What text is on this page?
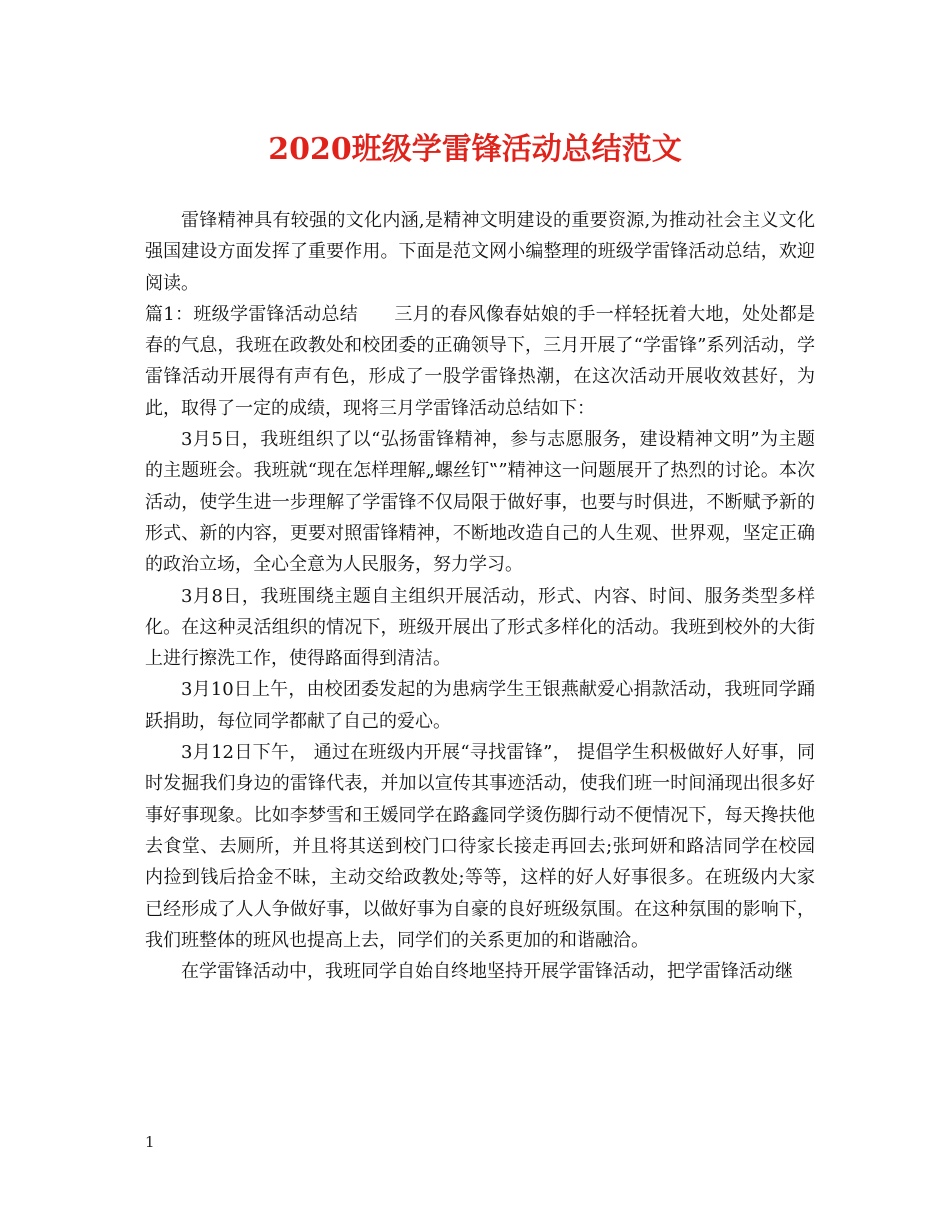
2020班级学雷锋活动总结范文

雷锋精神具有较强的文化内涵,是精神文明建设的重要资源,为推动社会主义文化强国建设方面发挥了重要作用。下面是范文网小编整理的班级学雷锋活动总结，欢迎阅读。

篇1：班级学雷锋活动总结 三月的春风像春姑娘的手一样轻抚着大地，处处都是春的气息，我班在政教处和校团委的正确领导下，三月开展了“学雷锋”系列活动，学雷锋活动开展得有声有色，形成了一股学雷锋热潮，在这次活动开展收效甚好，为此，取得了一定的成绩，现将三月学雷锋活动总结如下：

3月5日，我班组织了以“弘扬雷锋精神，参与志愿服务，建设精神文明”为主题的主题班会。我班就“现在怎样理解„螺丝钉‟”精神这一问题展开了热烈的讨论。本次活动，使学生进一步理解了学雷锋不仅局限于做好事，也要与时俱进，不断赋予新的形式、新的内容，更要对照雷锋精神，不断地改造自己的人生观、世界观，坚定正确的政治立场，全心全意为人民服务，努力学习。

3月8日，我班围绕主题自主组织开展活动，形式、内容、时间、服务类型多样化。在这种灵活组织的情况下，班级开展出了形式多样化的活动。我班到校外的大街上进行擦洗工作，使得路面得到清洁。

3月10日上午，由校团委发起的为患病学生王银燕献爱心捐款活动，我班同学踊跃捐助，每位同学都献了自己的爱心。

3月12日下午， 通过在班级内开展“寻找雷锋”， 提倡学生积极做好人好事，同时发掘我们身边的雷锋代表，并加以宣传其事迹活动，使我们班一时间涌现出很多好事好事现象。比如李梦雪和王媛同学在路鑫同学烫伤脚行动不便情况下，每天搀扶他去食堂、去厕所，并且将其送到校门口待家长接走再回去;张珂妍和路洁同学在校园内捡到钱后拾金不昧，主动交给政教处;等等，这样的好人好事很多。在班级内大家已经形成了人人争做好事，以做好事为自豪的良好班级氛围。在这种氛围的影响下，我们班整体的班风也提高上去，同学们的关系更加的和谐融洽。

在学雷锋活动中，我班同学自始自终地坚持开展学雷锋活动，把学雷锋活动继

1
